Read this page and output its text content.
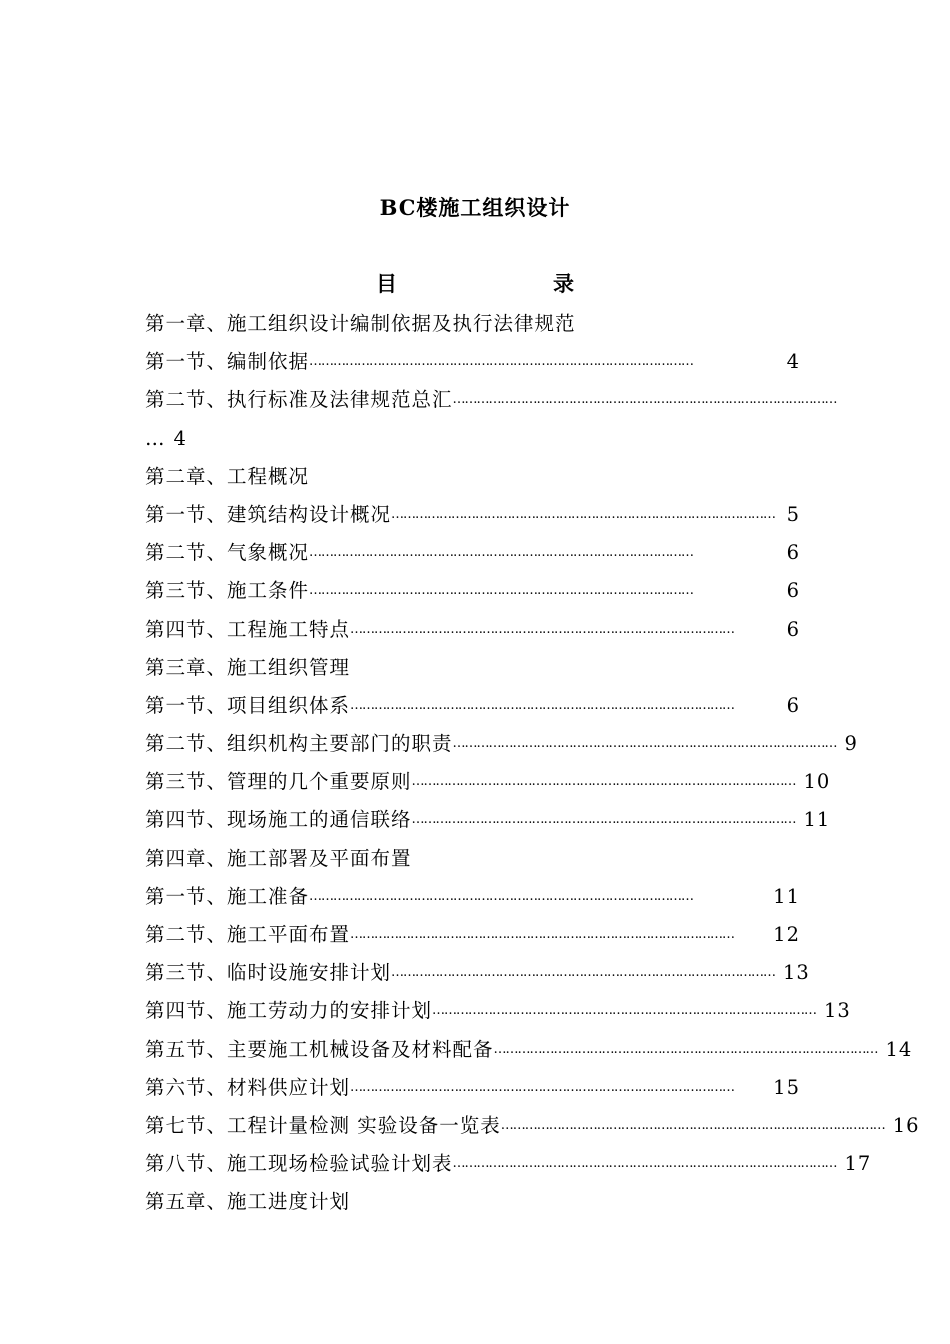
BC楼施工组织设计
目	录
第一章、施工组织设计编制依据及执行法律规范
第一节、编制依据 ……………………………………………………………………………………	4
第二节、执行标准及法律规范总汇 ……………………………………………………………………………………
… 4
第二章、工程概况
第一节、建筑结构设计概况 …………………………………………………………………………………… 5
第二节、气象概况 ……………………………………………………………………………………	6
第三节、施工条件 ……………………………………………………………………………………	6
第四节、工程施工特点 ……………………………………………………………………………………	6
第三章、施工组织管理
第一节、项目组织体系 ……………………………………………………………………………………	6
第二节、组织机构主要部门的职责 …………………………………………………………………………………… 9
第三节、管理的几个重要原则 …………………………………………………………………………………… 10
第四节、现场施工的通信联络 …………………………………………………………………………………… 11
第四章、施工部署及平面布置
第一节、施工准备 ……………………………………………………………………………………	11
第二节、施工平面布置 ……………………………………………………………………………………	12
第三节、临时设施安排计划 …………………………………………………………………………………… 13
第四节、施工劳动力的安排计划 …………………………………………………………………………………… 13
第五节、主要施工机械设备及材料配备 …………………………………………………………………………………… 14
第六节、材料供应计划 ……………………………………………………………………………………	15
第七节、工程计量检测 实验设备一览表 …………………………………………………………………………………… 16
第八节、施工现场检验试验计划表 …………………………………………………………………………………… 17
第五章、施工进度计划
